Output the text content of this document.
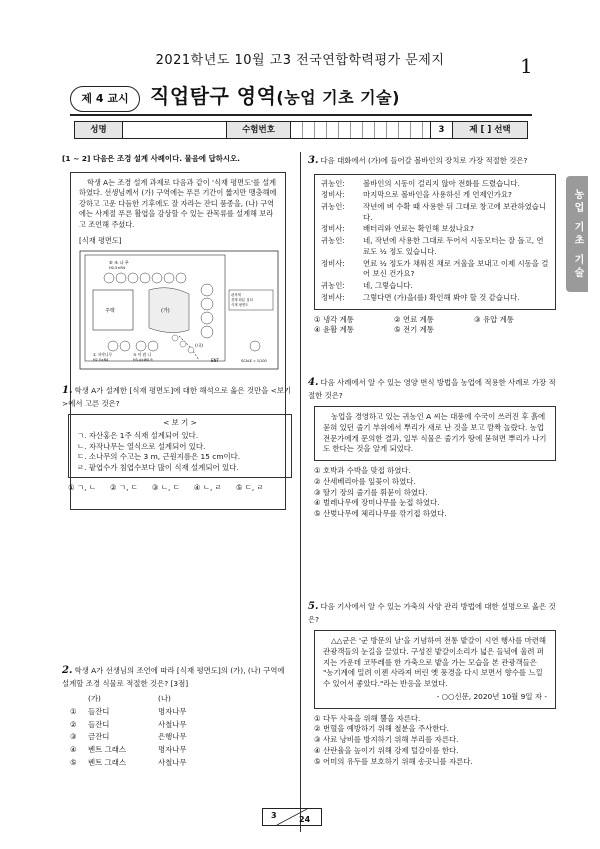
2021학년도 10월 고3 전국연합학력평가 문제지	1
제 4 교시	직업탐구 영역(농업 기초 기술)
성명	수험번호	3	제 [ ] 선택
농업 기초 기술
[1 ~ 2] 다음은 조경 설계 사례이다. 물음에 답하시오.
학생 A는 조경 설계 과제로 다음과 같이 '식재 평면도'를 설계하였다. 선생님께서 (가) 구역에는 푸른 기간이 짧지만 맹충해에 강하고 고운 다듬한 기후에도 잘 자라는 잔디 품종을, (나) 구역에는 사계절 푸른 활엽을 감상할 수 있는 관목류를 설계해 보라고 조언해 주셨다.
[식재 평면도]
⑤ 조 나 무
H2.5×R4
주택	(가)
(나)
① 자작나무
H2.5×R4
③ 이 팝 나
H3.4×W0.9
관석재
경계 화분 설치
식재 평면도
ENT	SCALE = 1/100
1. 학생 A가 설계한 [식재 평면도]에 대한 해석으로 옳은 것만을 <보기>에서 고른 것은?
< 보 기 >
ㄱ. 자산홍은 1주 식재 설계되어 있다.
ㄴ. 자작나무는 열식으로 설계되어 있다.
ㄷ. 소나무의 수고는 3 m, 근원지름은 15 cm이다.
ㄹ. 팥엽수가 침엽수보다 많이 식재 설계되어 있다.
① ㄱ, ㄴ ② ㄱ, ㄷ ③ ㄴ, ㄷ ④ ㄴ, ㄹ ⑤ ㄷ, ㄹ
2. 학생 A가 선생님의 조언에 따라 [식재 평면도]의 (가), (나) 구역에 설계할 조경 식물로 적절한 것은? [3점]
	(가)	(나)
①	들잔디	명자나무
②	들잔디	사철나무
③	금잔디	은행나무
④	벤트 그래스	명자나무
⑤	벤트 그래스	사철나무
3. 다음 대화에서 (가)에 들어갈 볼바인의 장치로 가장 적절한 것은?
귀농인:	볼바인의 시동이 걸리지 않아 전화를 드렸습니다.
정비사:	마지막으로 볼바인을 사용하신 게 언제인가요?
귀농인:	작년에 벼 수확 때 사용한 뒤 그대로 창고에 보관하였습니다.
정비사:	배터리와 연료는 확인해 보셨나요?
귀농인:	네, 작년에 사용한 그대로 두어서 시동모터는 잘 돌고, 연료도 ½ 정도 있습니다.
정비사:	연료 ½ 정도가 채워진 채로 겨울을 보내고 이제 시동을 걸어 보신 건가요?
귀농인:	네, 그렇습니다.
정비사:	그렇다면 (가)을(를) 확인해 봐야 할 것 같습니다.
① 냉각 계통	② 연료 계통	③ 유압 계통
④ 윤활 계통	⑤ 전기 계통
4. 다음 사례에서 알 수 있는 영양 번식 방법을 농업에 적용한 사례로 가장 적절한 것은?
농업을 경영하고 있는 귀농인 A 씨는 대풍에 수국이 쓰러진 후 흙에 묻혀 있던 줄기 부위에서 뿌리가 새로 난 것을 보고 깜짝 놀랐다. 농업 전문가에게 문의한 결과, 일부 식물은 줄기가 땅에 묻혀면 뿌리가 나기도 한다는 것을 알게 되었다.
① 호박과 수박을 맞접 하였다.
② 산세베리아를 잎꽂이 하였다.
③ 딸기 장의 줄기를 휘묻이 하였다.
④ 벌레나무에 장미나무를 눈접 하였다.
⑤ 산벚나무에 체리나무를 깎기접 하였다.
5. 다음 기사에서 알 수 있는 가축의 사양 관리 방법에 대한 설명으로 옳은 것은?
△△군은 '군 방문의 날'을 기념하여 전통 밭갈이 시연 행사를 마련해 관광객들의 눈길을 끌었다. 구성진 밭갈이소리가 넓은 들녘에 울려 퍼지는 가운데 코뚜레를 한 가축으로 밭을 가는 모습을 본 관광객들은 "농기계에 밀려 이젠 사라져 버린 옛 풍경을 다시 보면서 향수를 느낄 수 있어서 좋았다."라는 반응을 보였다.
- ○○신문, 2020년 10월 9일 자 -
① 다두 사육을 위해 뿔을 자른다.
② 번혈을 예방하기 위해 철분을 주사한다.
③ 사료 낭비를 방지하기 위해 부리를 자른다.
④ 산란율을 높이기 위해 강제 털갈이를 한다.
⑤ 어미의 유두를 보호하기 위해 송곳니를 자른다.
3	24
